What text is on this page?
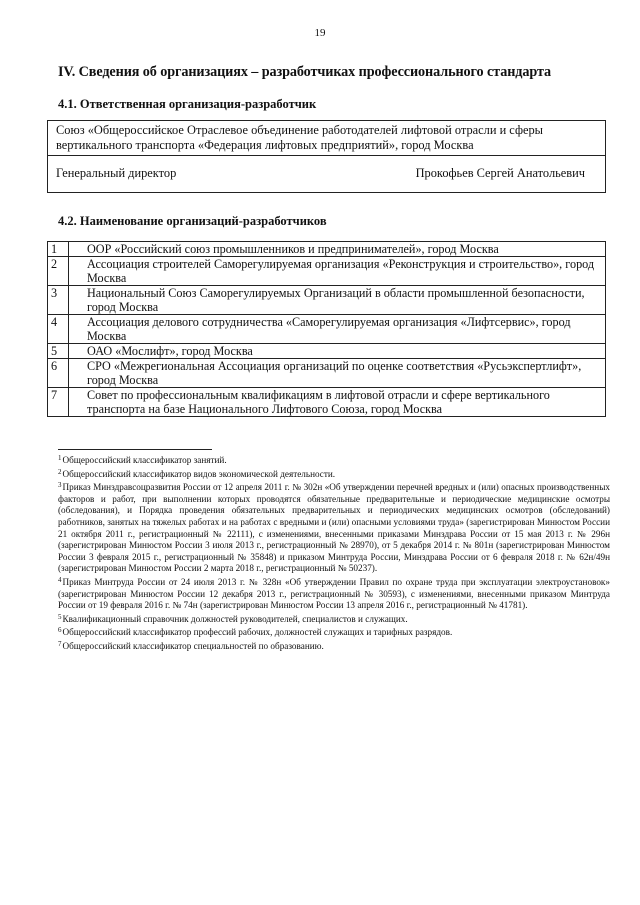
19
IV. Сведения об организациях – разработчиках профессионального стандарта
4.1. Ответственная организация-разработчик
Союз «Общероссийское Отраслевое объединение работодателей лифтовой отрасли и сферы вертикального транспорта «Федерация лифтовых предприятий», город Москва
Генеральный директор	Прокофьев Сергей Анатольевич
4.2. Наименование организаций-разработчиков
1	ООР «Российский союз промышленников и предпринимателей», город Москва
2	Ассоциация строителей Саморегулируемая организация «Реконструкция и строительство», город Москва
3	Национальный Союз Саморегулируемых Организаций в области промышленной безопасности, город Москва
4	Ассоциация делового сотрудничества «Саморегулируемая организация «Лифтсервис», город Москва
5	ОАО «Мослифт», город Москва
6	СРО «Межрегиональная Ассоциация организаций по оценке соответствия «Русьэкспертлифт», город Москва
7	Совет по профессиональным квалификациям в лифтовой отрасли и сфере вертикального транспорта на базе Национального Лифтового Союза, город Москва

$^1$Общероссийский классификатор занятий.

$^2$Общероссийский классификатор видов экономической деятельности.

$^3$Приказ Минздравсоцразвития России от 12 апреля 2011 г. № 302н «Об утверждении перечней вредных и (или) опасных производственных факторов и работ, при выполнении которых проводятся обязательные предварительные и периодические медицинские осмотры (обследования), и Порядка проведения обязательных предварительных и периодических медицинских осмотров (обследований) работников, занятых на тяжелых работах и на работах с вредными и (или) опасными условиями труда» (зарегистрирован Минюстом России 21 октября 2011 г., регистрационный № 22111), с изменениями, внесенными приказами Минздрава России от 15 мая 2013 г. № 296н (зарегистрирован Минюстом России 3 июля 2013 г., регистрационный № 28970), от 5 декабря 2014 г. № 801н (зарегистрирован Минюстом России 3 февраля 2015 г., регистрационный № 35848) и приказом Минтруда России, Минздрава России от 6 февраля 2018 г. № 62н/49н (зарегистрирован Минюстом России 2 марта 2018 г., регистрационный № 50237).

$^4$Приказ Минтруда России от 24 июля 2013 г. № 328н «Об утверждении Правил по охране труда при эксплуатации электроустановок» (зарегистрирован Минюстом России 12 декабря 2013 г., регистрационный № 30593), с изменениями, внесенными приказом Минтруда России от 19 февраля 2016 г. № 74н (зарегистрирован Минюстом России 13 апреля 2016 г., регистрационный № 41781).

$^5$Квалификационный справочник должностей руководителей, специалистов и служащих.

$^6$Общероссийский классификатор профессий рабочих, должностей служащих и тарифных разрядов.

$^7$Общероссийский классификатор специальностей по образованию.
